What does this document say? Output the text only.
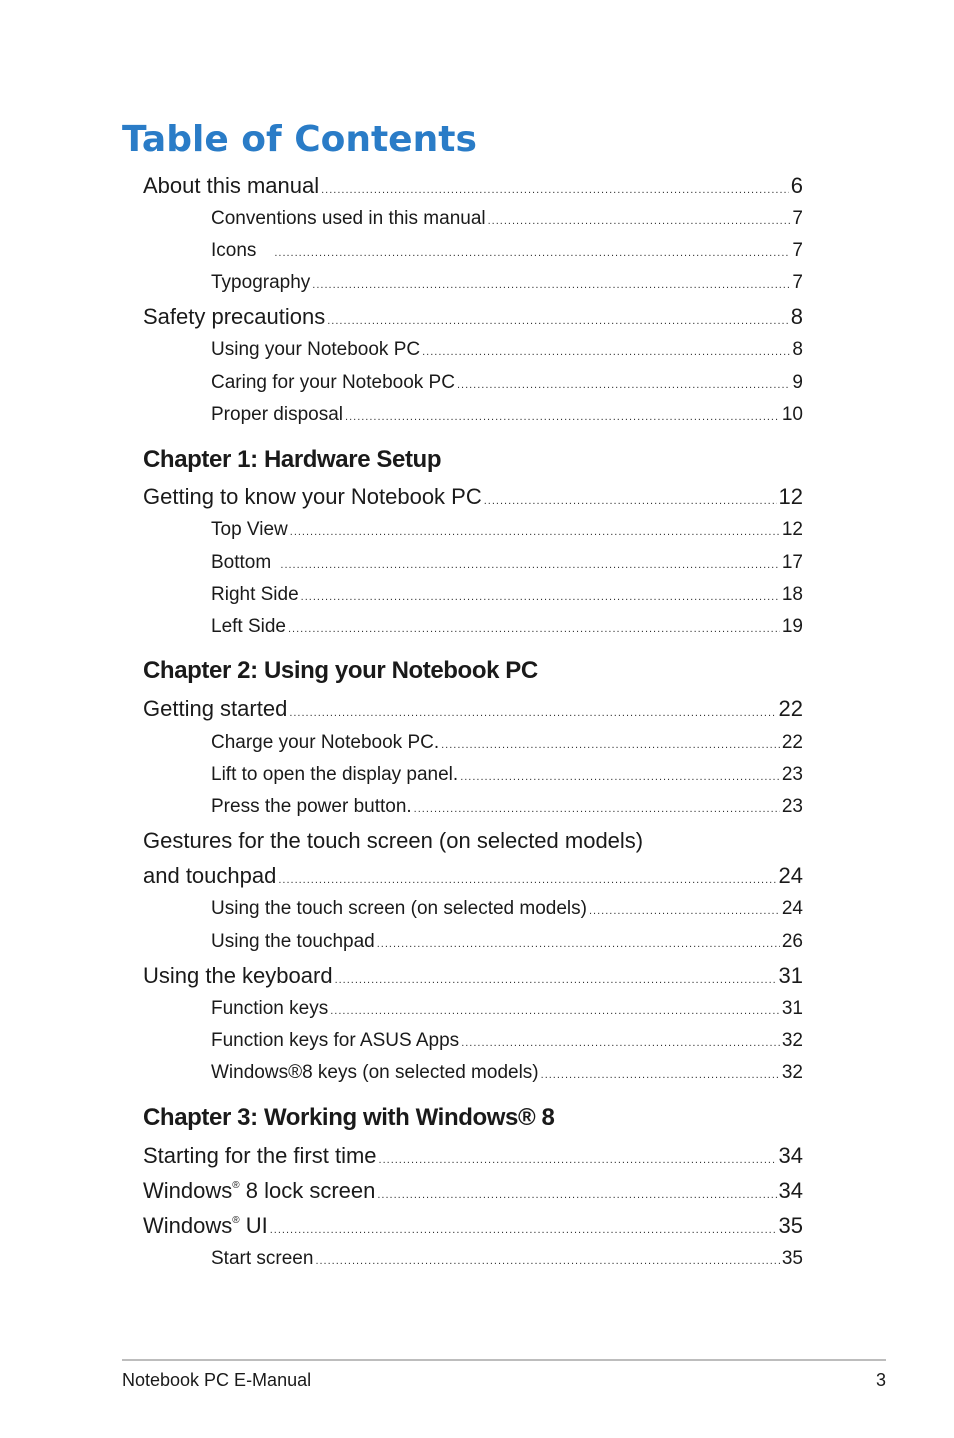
Table of Contents
About this manual .....	6
Conventions used in this manual .....	7
Icons .....	7
Typography .....	7
Safety precautions .....	8
Using your Notebook PC .....	8
Caring for your Notebook PC .....	9
Proper disposal .....	10
Chapter 1: Hardware Setup
Getting to know your Notebook PC .....	12
Top View .....	12
Bottom .....	17
Right Side .....	18
Left Side .....	19
Chapter 2: Using your Notebook PC
Getting started .....	22
Charge your Notebook PC. .....	22
Lift to open the display panel. .....	23
Press the power button. .....	23
Gestures for the touch screen (on selected models)
and touchpad .....	24
Using the touch screen (on selected models) .....	24
Using the touchpad .....	26
Using the keyboard .....	31
Function keys .....	31
Function keys for ASUS Apps .....	32
Windows®8 keys (on selected models) .....	32
Chapter 3: Working with Windows® 8
Starting for the first time .....	34
Windows® 8 lock screen .....	34
Windows® UI .....	35
Start screen .....	35
Notebook PC E-Manual	3
